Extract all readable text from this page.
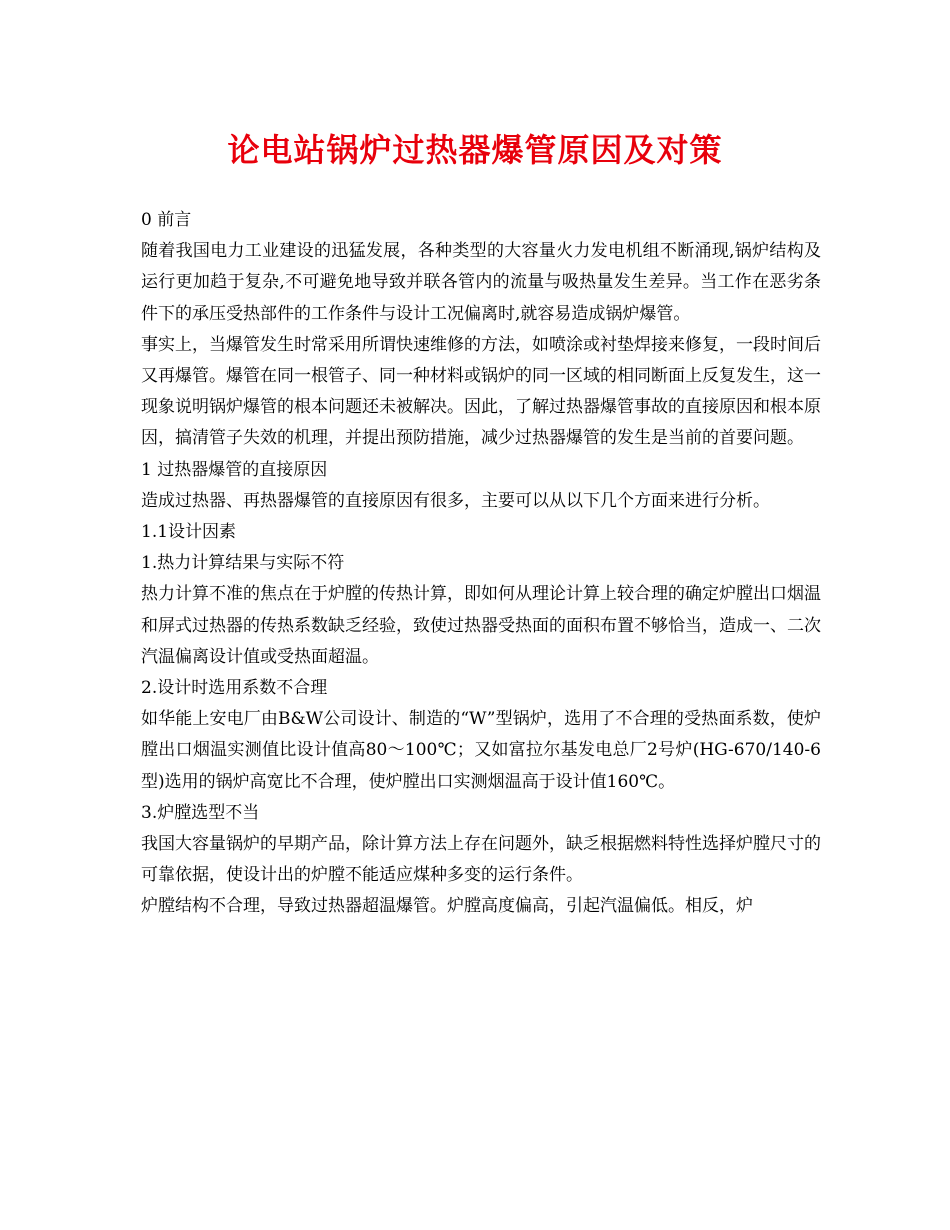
论电站锅炉过热器爆管原因及对策

0 前言

随着我国电力工业建设的迅猛发展，各种类型的大容量火力发电机组不断涌现,锅炉结构及运行更加趋于复杂,不可避免地导致并联各管内的流量与吸热量发生差异。当工作在恶劣条件下的承压受热部件的工作条件与设计工况偏离时,就容易造成锅炉爆管。

事实上，当爆管发生时常采用所谓快速维修的方法，如喷涂或衬垫焊接来修复，一段时间后又再爆管。爆管在同一根管子、同一种材料或锅炉的同一区域的相同断面上反复发生，这一现象说明锅炉爆管的根本问题还未被解决。因此，了解过热器爆管事故的直接原因和根本原因，搞清管子失效的机理，并提出预防措施，减少过热器爆管的发生是当前的首要问题。

1 过热器爆管的直接原因

造成过热器、再热器爆管的直接原因有很多，主要可以从以下几个方面来进行分析。

1.1设计因素

1.热力计算结果与实际不符

热力计算不准的焦点在于炉膛的传热计算，即如何从理论计算上较合理的确定炉膛出口烟温和屏式过热器的传热系数缺乏经验，致使过热器受热面的面积布置不够恰当，造成一、二次汽温偏离设计值或受热面超温。

2.设计时选用系数不合理

如华能上安电厂由B&W公司设计、制造的“W”型锅炉，选用了不合理的受热面系数，使炉膛出口烟温实测值比设计值高80～100℃；又如富拉尔基发电总厂2号炉(HG-670/140-6型)选用的锅炉高宽比不合理，使炉膛出口实测烟温高于设计值160℃。

3.炉膛选型不当

我国大容量锅炉的早期产品，除计算方法上存在问题外，缺乏根据燃料特性选择炉膛尺寸的可靠依据，使设计出的炉膛不能适应煤种多变的运行条件。

炉膛结构不合理，导致过热器超温爆管。炉膛高度偏高，引起汽温偏低。相反，炉
